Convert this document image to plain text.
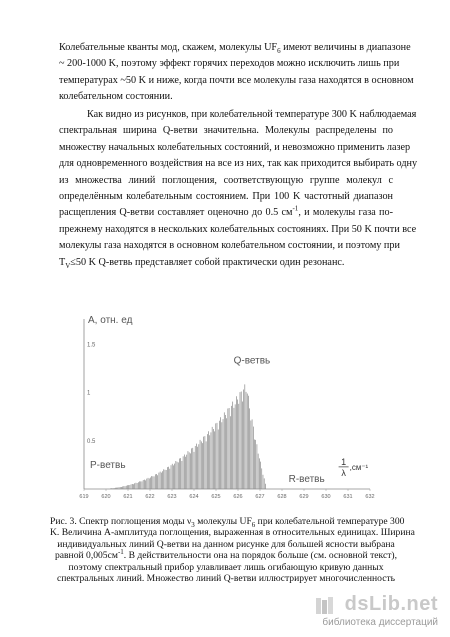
Колебательные кванты мод, скажем, молекулы $UF_6$ имеют величины в диапазоне
~ 200-1000 K, поэтому эффект горячих переходов можно исключить лишь при
температурах ~50 K и ниже, когда почти все молекулы газа находятся в основном
колебательном состоянии.
Как видно из рисунков, при колебательной температуре 300 K наблюдаемая
спектральная ширина Q-ветви значительна. Молекулы распределены по
множеству начальных колебательных состояний, и невозможно применить лазер
для одновременного воздействия на все из них, так как приходится выбирать одну
из множества линий поглощения, соответствующую группе молекул с
определённым колебательным состоянием. При 100 K частотный диапазон
расщепления Q-ветви составляет оценочно до 0.5 $см^{-1}$, и молекулы газа по-
прежнему находятся в нескольких колебательных состояниях. При 50 K почти все
молекулы газа находятся в основном колебательном состоянии, и поэтому при
$T_V\le 50$ K Q-ветвь представляет собой практически один резонанс.
1.5
1
0.5
619 620 621 622 623 624 625 626 627 628 629 630 631 632
A, отн. ед
P-ветвь
Q-ветвь
R-ветвь
1
λ
,см⁻¹
Рис. 3. Спектр поглощения моды $\nu_3$ молекулы $UF_6$ при колебательной температуре 300
K. Величина A-амплитуда поглощения, выраженная в относительных единицах. Ширина
индивидуальных линий Q-ветви на данном рисунке для большей ясности выбрана
равной $0,005см^{-1}$. В действительности она на порядок больше (см. основной текст),
поэтому спектральный прибор улавливает лишь огибающую кривую данных
спектральных линий. Множество линий Q-ветви иллюстрирует многочисленность
dsLib.net
библиотека диссертаций
